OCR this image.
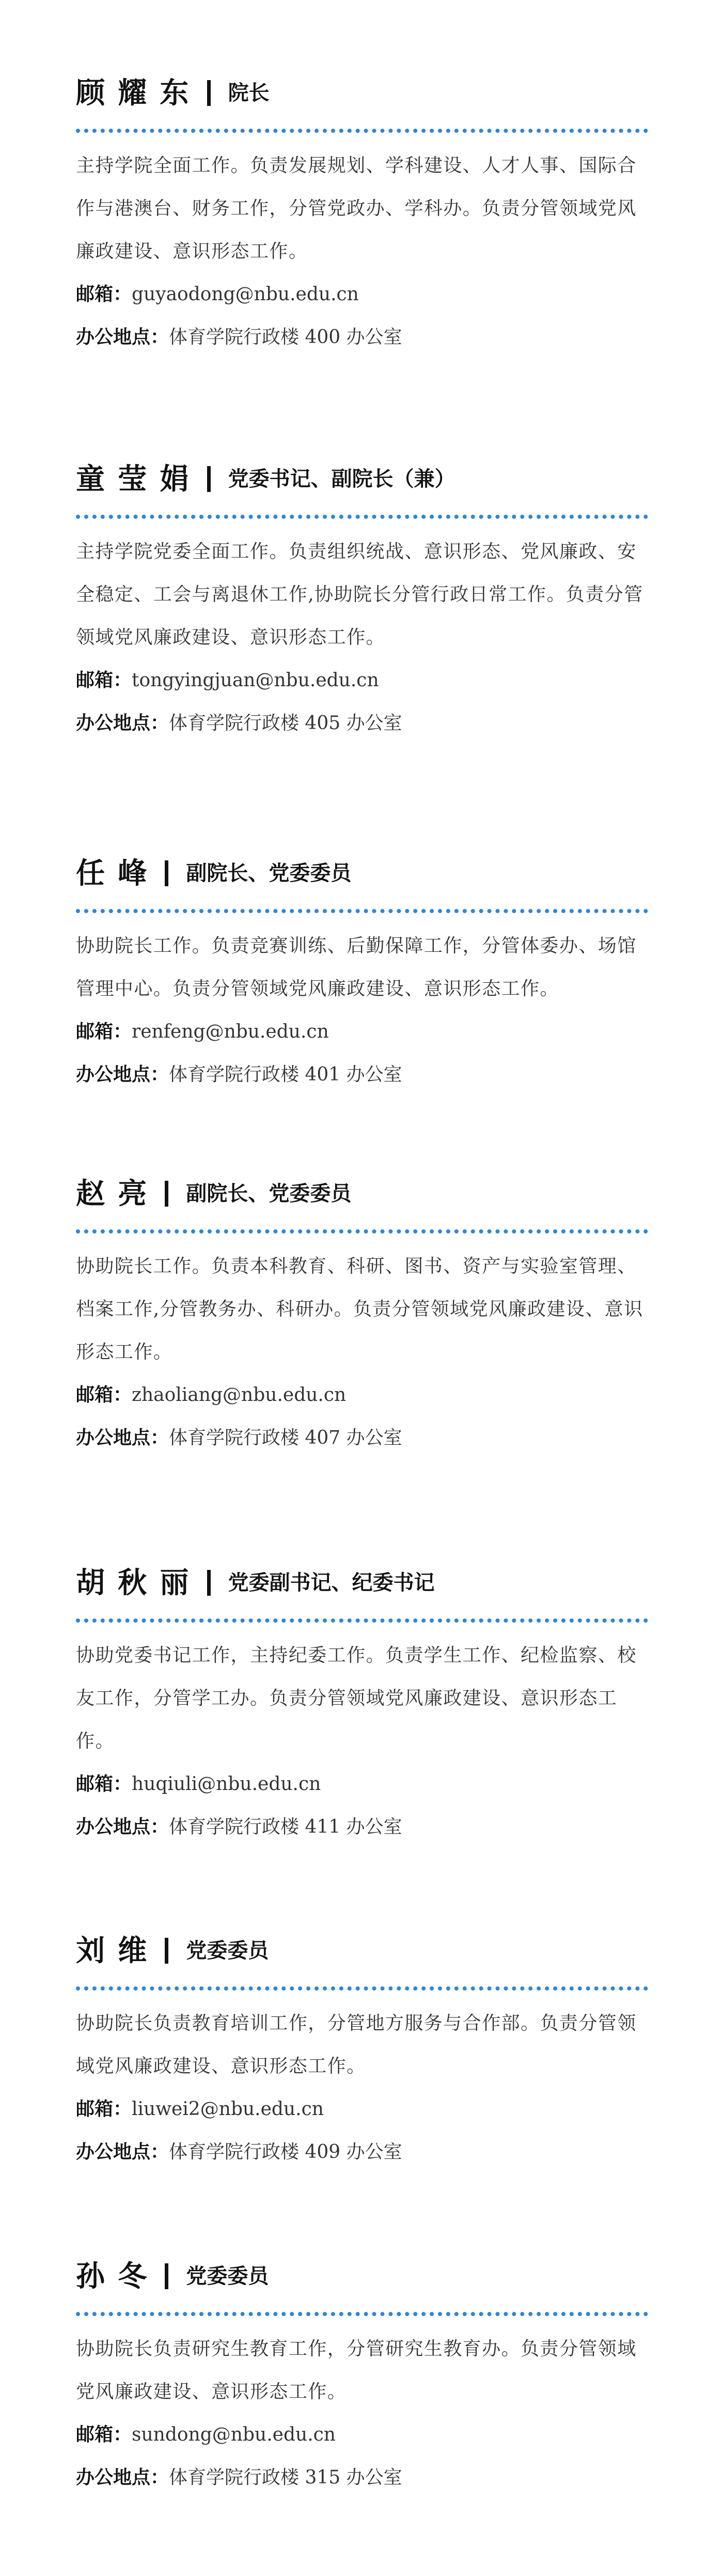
顾耀东 院长

主持学院全面工作。负责发展规划、学科建设、人才人事、国际合作与港澳台、财务工作，分管党政办、学科办。负责分管领域党风廉政建设、意识形态工作。

邮箱：guyaodong@nbu.edu.cn
办公地点：体育学院行政楼 400 办公室
童莹娟 党委书记、副院长（兼）

主持学院党委全面工作。负责组织统战、意识形态、党风廉政、安全稳定、工会与离退休工作,协助院长分管行政日常工作。负责分管领域党风廉政建设、意识形态工作。

邮箱：tongyingjuan@nbu.edu.cn
办公地点：体育学院行政楼 405 办公室
任峰 副院长、党委委员

协助院长工作。负责竞赛训练、后勤保障工作，分管体委办、场馆管理中心。负责分管领域党风廉政建设、意识形态工作。

邮箱：renfeng@nbu.edu.cn
办公地点：体育学院行政楼 401 办公室
赵亮 副院长、党委委员

协助院长工作。负责本科教育、科研、图书、资产与实验室管理、档案工作,分管教务办、科研办。负责分管领域党风廉政建设、意识形态工作。

邮箱：zhaoliang@nbu.edu.cn
办公地点：体育学院行政楼 407 办公室
胡秋丽 党委副书记、纪委书记

协助党委书记工作，主持纪委工作。负责学生工作、纪检监察、校友工作，分管学工办。负责分管领域党风廉政建设、意识形态工作。

邮箱：huqiuli@nbu.edu.cn
办公地点：体育学院行政楼 411 办公室
刘维 党委委员

协助院长负责教育培训工作，分管地方服务与合作部。负责分管领域党风廉政建设、意识形态工作。

邮箱：liuwei2@nbu.edu.cn
办公地点：体育学院行政楼 409 办公室
孙冬 党委委员

协助院长负责研究生教育工作，分管研究生教育办。负责分管领域党风廉政建设、意识形态工作。

邮箱：sundong@nbu.edu.cn
办公地点：体育学院行政楼 315 办公室
